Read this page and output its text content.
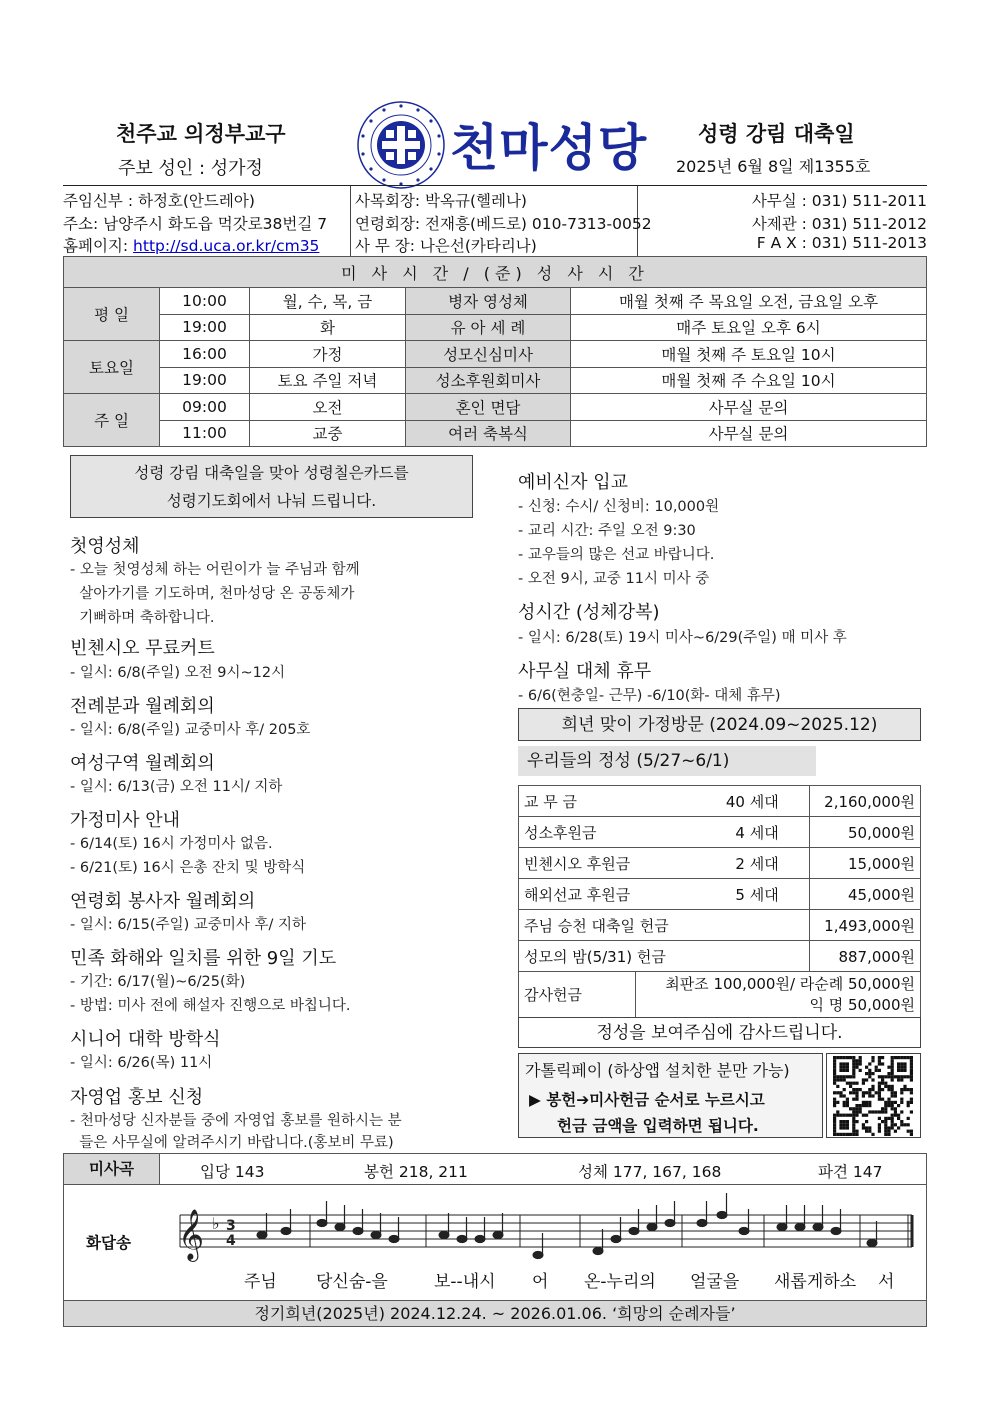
천주교 의정부교구
주보 성인 : 성가정	천마성당 성령 강림 대축일
2025년 6월 8일 제1355호
주임신부 : 하정호(안드레아)
주소: 남양주시 화도읍 먹갓로38번길 7
홈페이지: http://sd.uca.or.kr/cm35
사목회장: 박옥규(헬레나)
연령회장: 전재흥(베드로) 010-7313-0052
사 무 장: 나은선(카타리나)
사무실 : 031) 511-2011
사제관 : 031) 511-2012
F A X : 031) 511-2013
미 사 시 간 / (준) 성 사 시 간				
평 일	10:00	월, 수, 목, 금	병자 영성체	매월 첫째 주 목요일 오전, 금요일 오후
	19:00	화	유 아 세 례	매주 토요일 오후 6시
토요일	16:00	가정	성모신심미사	매월 첫째 주 토요일 10시
	19:00	토요 주일 저녁	성소후원회미사	매월 첫째 주 수요일 10시
주 일	09:00	오전	혼인 면담	사무실 문의
	11:00	교중	여러 축복식	사무실 문의
성령 강림 대축일을 맞아 성령칠은카드를
성령기도회에서 나눠 드립니다.
첫영성체
- 오늘 첫영성체 하는 어린이가 늘 주님과 함께
살아가기를 기도하며, 천마성당 온 공동체가
기뻐하며 축하합니다.
빈첸시오 무료커트
- 일시: 6/8(주일) 오전 9시~12시
전례분과 월례회의
- 일시: 6/8(주일) 교중미사 후/ 205호
여성구역 월례회의
- 일시: 6/13(금) 오전 11시/ 지하
가정미사 안내
- 6/14(토) 16시 가정미사 없음.
- 6/21(토) 16시 은총 잔치 및 방학식
연령회 봉사자 월례회의
- 일시: 6/15(주일) 교중미사 후/ 지하
민족 화해와 일치를 위한 9일 기도
- 기간: 6/17(월)~6/25(화)
- 방법: 미사 전에 해설자 진행으로 바칩니다.
시니어 대학 방학식
- 일시: 6/26(목) 11시
자영업 홍보 신청
- 천마성당 신자분들 중에 자영업 홍보를 원하시는 분
들은 사무실에 알려주시기 바랍니다.(홍보비 무료)
예비신자 입교
- 신청: 수시/ 신청비: 10,000원
- 교리 시간: 주일 오전 9:30
- 교우들의 많은 선교 바랍니다.
- 오전 9시, 교중 11시 미사 중
성시간 (성체강복)
- 일시: 6/28(토) 19시 미사~6/29(주일) 매 미사 후
사무실 대체 휴무
- 6/6(현충일- 근무) -6/10(화- 대체 휴무)
희년 맞이 가정방문 (2024.09~2025.12)
우리들의 정성 (5/27~6/1)
교 무 금	40 세대	2,160,000원
성소후원금	4 세대	50,000원
빈첸시오 후원금	2 세대	15,000원
해외선교 후원금	5 세대	45,000원
주님 승천 대축일 헌금		1,493,000원
성모의 밤(5/31) 헌금		887,000원
감사헌금	최판조 100,000원/ 라순례 50,000원
익 명 50,000원	
정성을 보여주심에 감사드립니다.
가톨릭페이 (하상앱 설치한 분만 가능)
▶ 봉헌➔미사헌금 순서로 누르시고
헌금 금액을 입력하면 됩니다.
미사곡	입당 143	봉헌 218, 211	성체 177, 167, 168	파견 147
화답송 𝄞 ♭ 3
4
주님 당신숨-을	보--내시 어 온-누리의 얼굴을 새롭게하소 서
정기희년(2025년) 2024.12.24. ~ 2026.01.06. ‘희망의 순례자들’
